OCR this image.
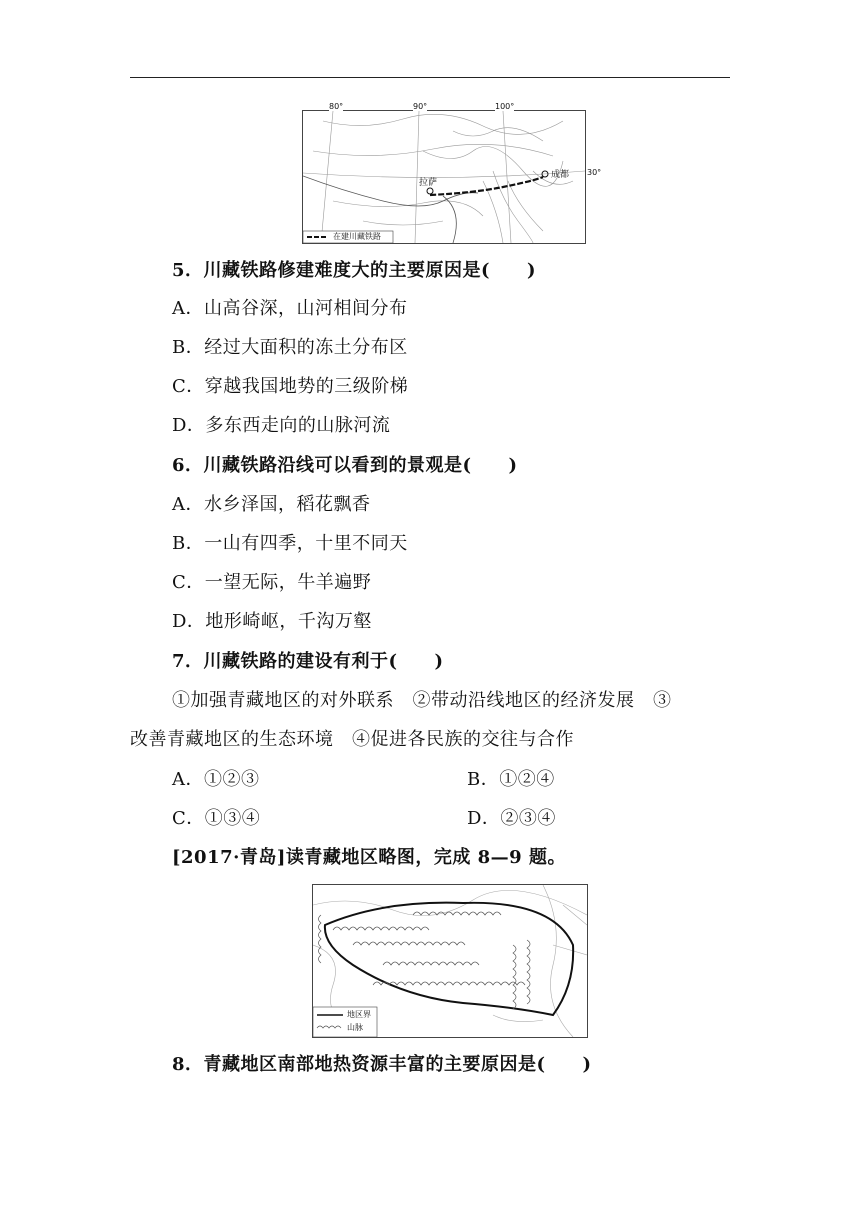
80°	90°	100°
30°
拉萨
成都
在建川藏铁路
5．川藏铁路修建难度大的主要原因是(　　)
A．山高谷深，山河相间分布
B．经过大面积的冻土分布区
C．穿越我国地势的三级阶梯
D．多东西走向的山脉河流
6．川藏铁路沿线可以看到的景观是(　　)
A．水乡泽国，稻花飘香
B．一山有四季，十里不同天
C．一望无际，牛羊遍野
D．地形崎岖，千沟万壑
7．川藏铁路的建设有利于(　　)
①加强青藏地区的对外联系　②带动沿线地区的经济发展　③
改善青藏地区的生态环境　④促进各民族的交往与合作
A．①②③	B．①②④
C．①③④	D．②③④
[2017·青岛]读青藏地区略图，完成 8—9 题。
地区界
山脉
8．青藏地区南部地热资源丰富的主要原因是(　　)
